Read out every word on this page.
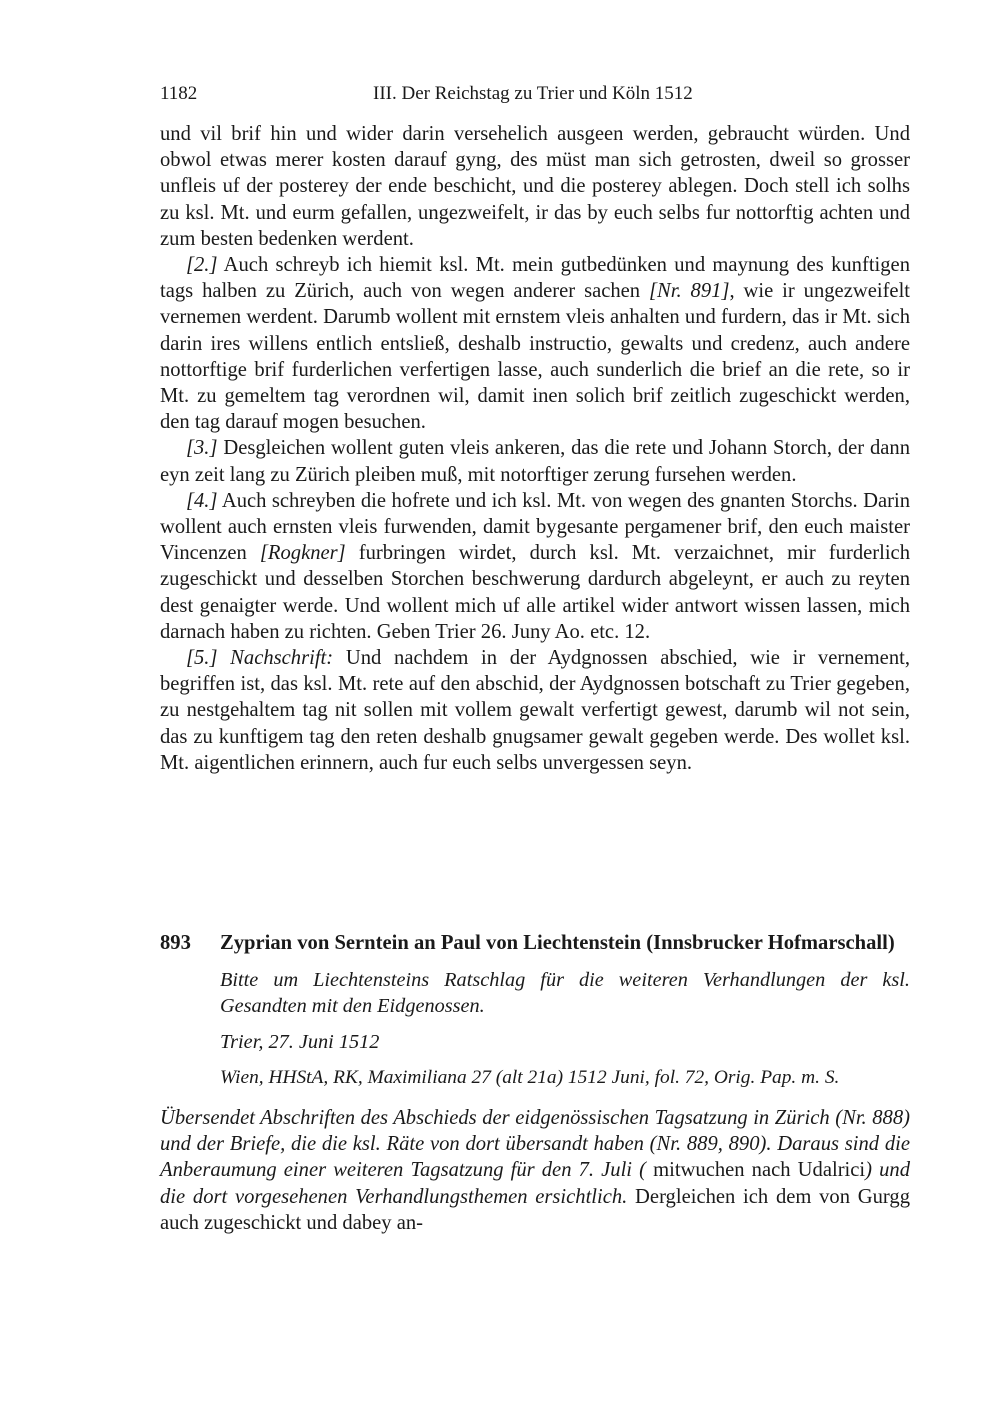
1182	III. Der Reichstag zu Trier und Köln 1512

und vil brif hin und wider darin versehelich ausgeen werden, gebraucht würden. Und obwol etwas merer kosten darauf gyng, des müst man sich getrosten, dweil so grosser unfleis uf der posterey der ende beschicht, und die posterey ablegen. Doch stell ich solhs zu ksl. Mt. und eurm gefallen, ungezweifelt, ir das by euch selbs fur nottorftig achten und zum besten bedenken werdent.

[2.] Auch schreyb ich hiemit ksl. Mt. mein gutbedünken und maynung des kunftigen tags halben zu Zürich, auch von wegen anderer sachen [Nr. 891], wie ir ungezweifelt vernemen werdent. Darumb wollent mit ernstem vleis anhalten und furdern, das ir Mt. sich darin ires willens entlich entsließ, deshalb instructio, gewalts und credenz, auch andere nottorftige brif furderlichen verfertigen lasse, auch sunderlich die brief an die rete, so ir Mt. zu gemeltem tag verordnen wil, damit inen solich brif zeitlich zugeschickt werden, den tag darauf mogen besuchen.

[3.] Desgleichen wollent guten vleis ankeren, das die rete und Johann Storch, der dann eyn zeit lang zu Zürich pleiben muß, mit notorftiger zerung fursehen werden.

[4.] Auch schreyben die hofrete und ich ksl. Mt. von wegen des gnanten Storchs. Darin wollent auch ernsten vleis furwenden, damit bygesante pergamener brif, den euch maister Vincenzen [Rogkner] furbringen wirdet, durch ksl. Mt. verzaichnet, mir furderlich zugeschickt und desselben Storchen beschwerung dardurch abgeleynt, er auch zu reyten dest genaigter werde. Und wollent mich uf alle artikel wider antwort wissen lassen, mich darnach haben zu richten. Geben Trier 26. Juny Ao. etc. 12.

[5.] Nachschrift: Und nachdem in der Aydgnossen abschied, wie ir vernement, begriffen ist, das ksl. Mt. rete auf den abschid, der Aydgnossen botschaft zu Trier gegeben, zu nestgehaltem tag nit sollen mit vollem gewalt verfertigt gewest, darumb wil not sein, das zu kunftigem tag den reten deshalb gnugsamer gewalt gegeben werde. Des wollet ksl. Mt. aigentlichen erinnern, auch fur euch selbs unvergessen seyn.

893 Zyprian von Serntein an Paul von Liechtenstein (Innsbrucker Hofmarschall)
Bitte um Liechtensteins Ratschlag für die weiteren Verhandlungen der ksl. Gesandten mit den Eidgenossen.
Trier, 27. Juni 1512
Wien, HHStA, RK, Maximiliana 27 (alt 21a) 1512 Juni, fol. 72, Orig. Pap. m. S.

Übersendet Abschriften des Abschieds der eidgenössischen Tagsatzung in Zürich (Nr. 888) und der Briefe, die die ksl. Räte von dort übersandt haben (Nr. 889, 890). Daraus sind die Anberaumung einer weiteren Tagsatzung für den 7. Juli ( mitwuchen nach Udalrici) und die dort vorgesehenen Verhandlungsthemen ersichtlich. Dergleichen ich dem von Gurgg auch zugeschickt und dabey an-
